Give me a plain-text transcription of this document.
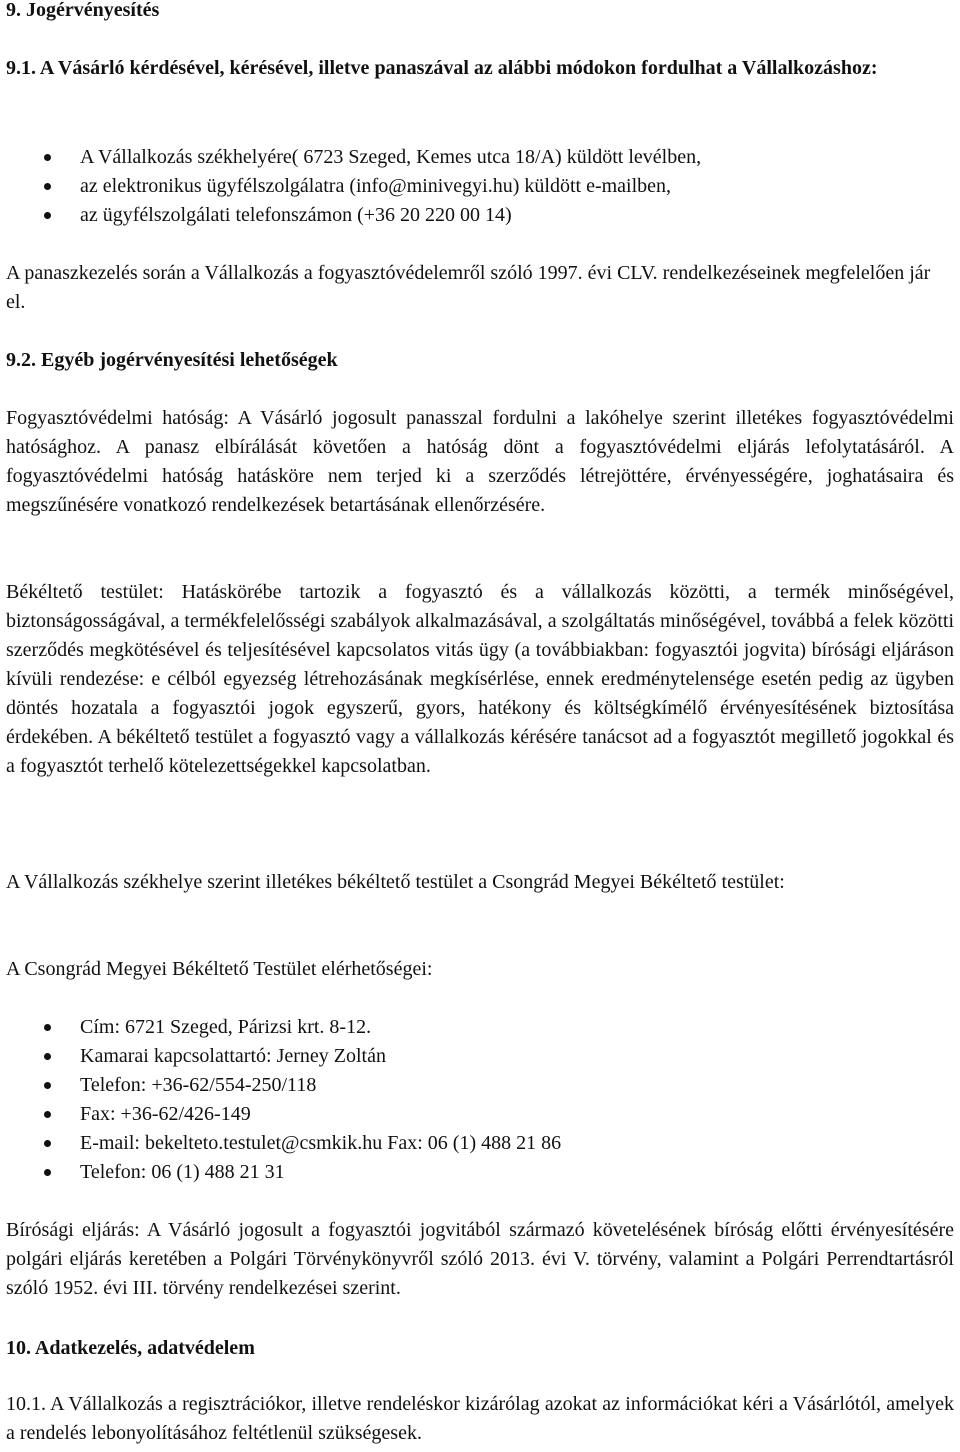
9. Jogérvényesítés

9.1. A Vásárló kérdésével, kérésével, illetve panaszával az alábbi módokon fordulhat a Vállalkozáshoz:

A Vállalkozás székhelyére( 6723 Szeged, Kemes utca 18/A) küldött levélben,
az elektronikus ügyfélszolgálatra (info@minivegyi.hu) küldött e-mailben,
az ügyfélszolgálati telefonszámon (+36 20 220 00 14)

A panaszkezelés során a Vállalkozás a fogyasztóvédelemről szóló 1997. évi CLV. rendelkezéseinek megfelelően jár el.

9.2. Egyéb jogérvényesítési lehetőségek

Fogyasztóvédelmi hatóság: A Vásárló jogosult panasszal fordulni a lakóhelye szerint illetékes fogyasztóvédelmi hatósághoz. A panasz elbírálását követően a hatóság dönt a fogyasztóvédelmi eljárás lefolytatásáról. A fogyasztóvédelmi hatóság hatásköre nem terjed ki a szerződés létrejöttére, érvényességére, joghatásaira és megszűnésére vonatkozó rendelkezések betartásának ellenőrzésére.

Békéltető testület: Hatáskörébe tartozik a fogyasztó és a vállalkozás közötti, a termék minőségével, biztonságosságával, a termékfelelősségi szabályok alkalmazásával, a szolgáltatás minőségével, továbbá a felek közötti szerződés megkötésével és teljesítésével kapcsolatos vitás ügy (a továbbiakban: fogyasztói jogvita) bírósági eljáráson kívüli rendezése: e célból egyezség létrehozásának megkísérlése, ennek eredménytelensége esetén pedig az ügyben döntés hozatala a fogyasztói jogok egyszerű, gyors, hatékony és költségkímélő érvényesítésének biztosítása érdekében. A békéltető testület a fogyasztó vagy a vállalkozás kérésére tanácsot ad a fogyasztót megillető jogokkal és a fogyasztót terhelő kötelezettségekkel kapcsolatban.

A Vállalkozás székhelye szerint illetékes békéltető testület a Csongrád Megyei Békéltető testület:

A Csongrád Megyei Békéltető Testület elérhetőségei:

Cím: 6721 Szeged, Párizsi krt. 8-12.
Kamarai kapcsolattartó: Jerney Zoltán
Telefon: +36-62/554-250/118
Fax: +36-62/426-149
E-mail: bekelteto.testulet@csmkik.hu Fax: 06 (1) 488 21 86
Telefon: 06 (1) 488 21 31

Bírósági eljárás: A Vásárló jogosult a fogyasztói jogvitából származó követelésének bíróság előtti érvényesítésére polgári eljárás keretében a Polgári Törvénykönyvről szóló 2013. évi V. törvény, valamint a Polgári Perrendtartásról szóló 1952. évi III. törvény rendelkezései szerint.

10. Adatkezelés, adatvédelem

10.1. A Vállalkozás a regisztrációkor, illetve rendeléskor kizárólag azokat az információkat kéri a Vásárlótól, amelyek a rendelés lebonyolításához feltétlenül szükségesek.
